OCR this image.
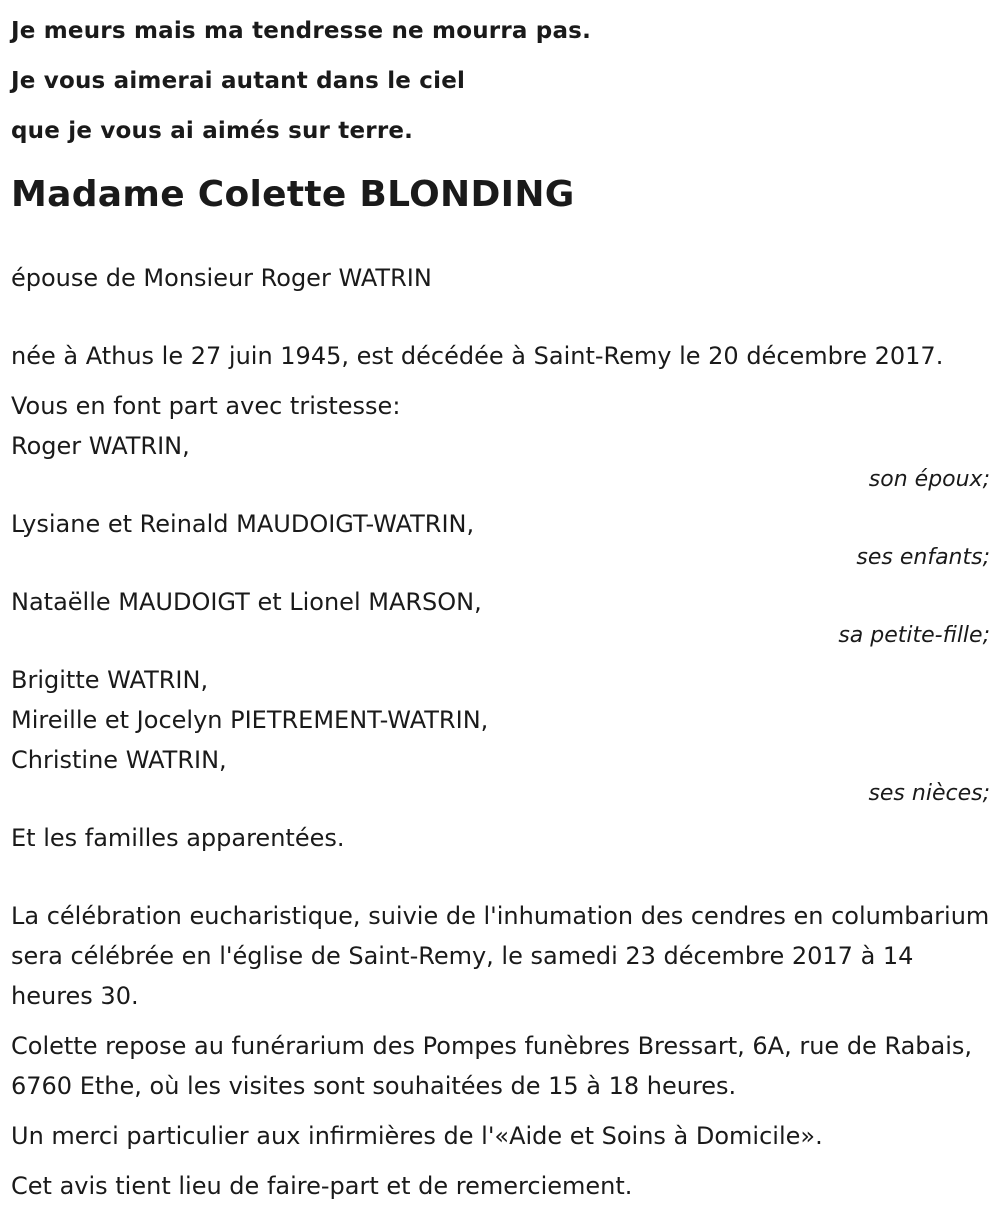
Je meurs mais ma tendresse ne mourra pas.
Je vous aimerai autant dans le ciel
que je vous ai aimés sur terre.
Madame Colette BLONDING

épouse de Monsieur Roger WATRIN

née à Athus le 27 juin 1945, est décédée à Saint-Remy le 20 décembre 2017.

Vous en font part avec tristesse:

Roger WATRIN,

son époux;

Lysiane et Reinald MAUDOIGT-WATRIN,

ses enfants;

Nataëlle MAUDOIGT et Lionel MARSON,

sa petite-fille;

Brigitte WATRIN,

Mireille et Jocelyn PIETREMENT-WATRIN,

Christine WATRIN,

ses nièces;

Et les familles apparentées.

La célébration eucharistique, suivie de l'inhumation des cendres en columbarium sera célébrée en l'église de Saint-Remy, le samedi 23 décembre 2017 à 14 heures 30.

Colette repose au funérarium des Pompes funèbres Bressart, 6A, rue de Rabais, 6760 Ethe, où les visites sont souhaitées de 15 à 18 heures.

Un merci particulier aux infirmières de l'«Aide et Soins à Domicile».

Cet avis tient lieu de faire-part et de remerciement.
